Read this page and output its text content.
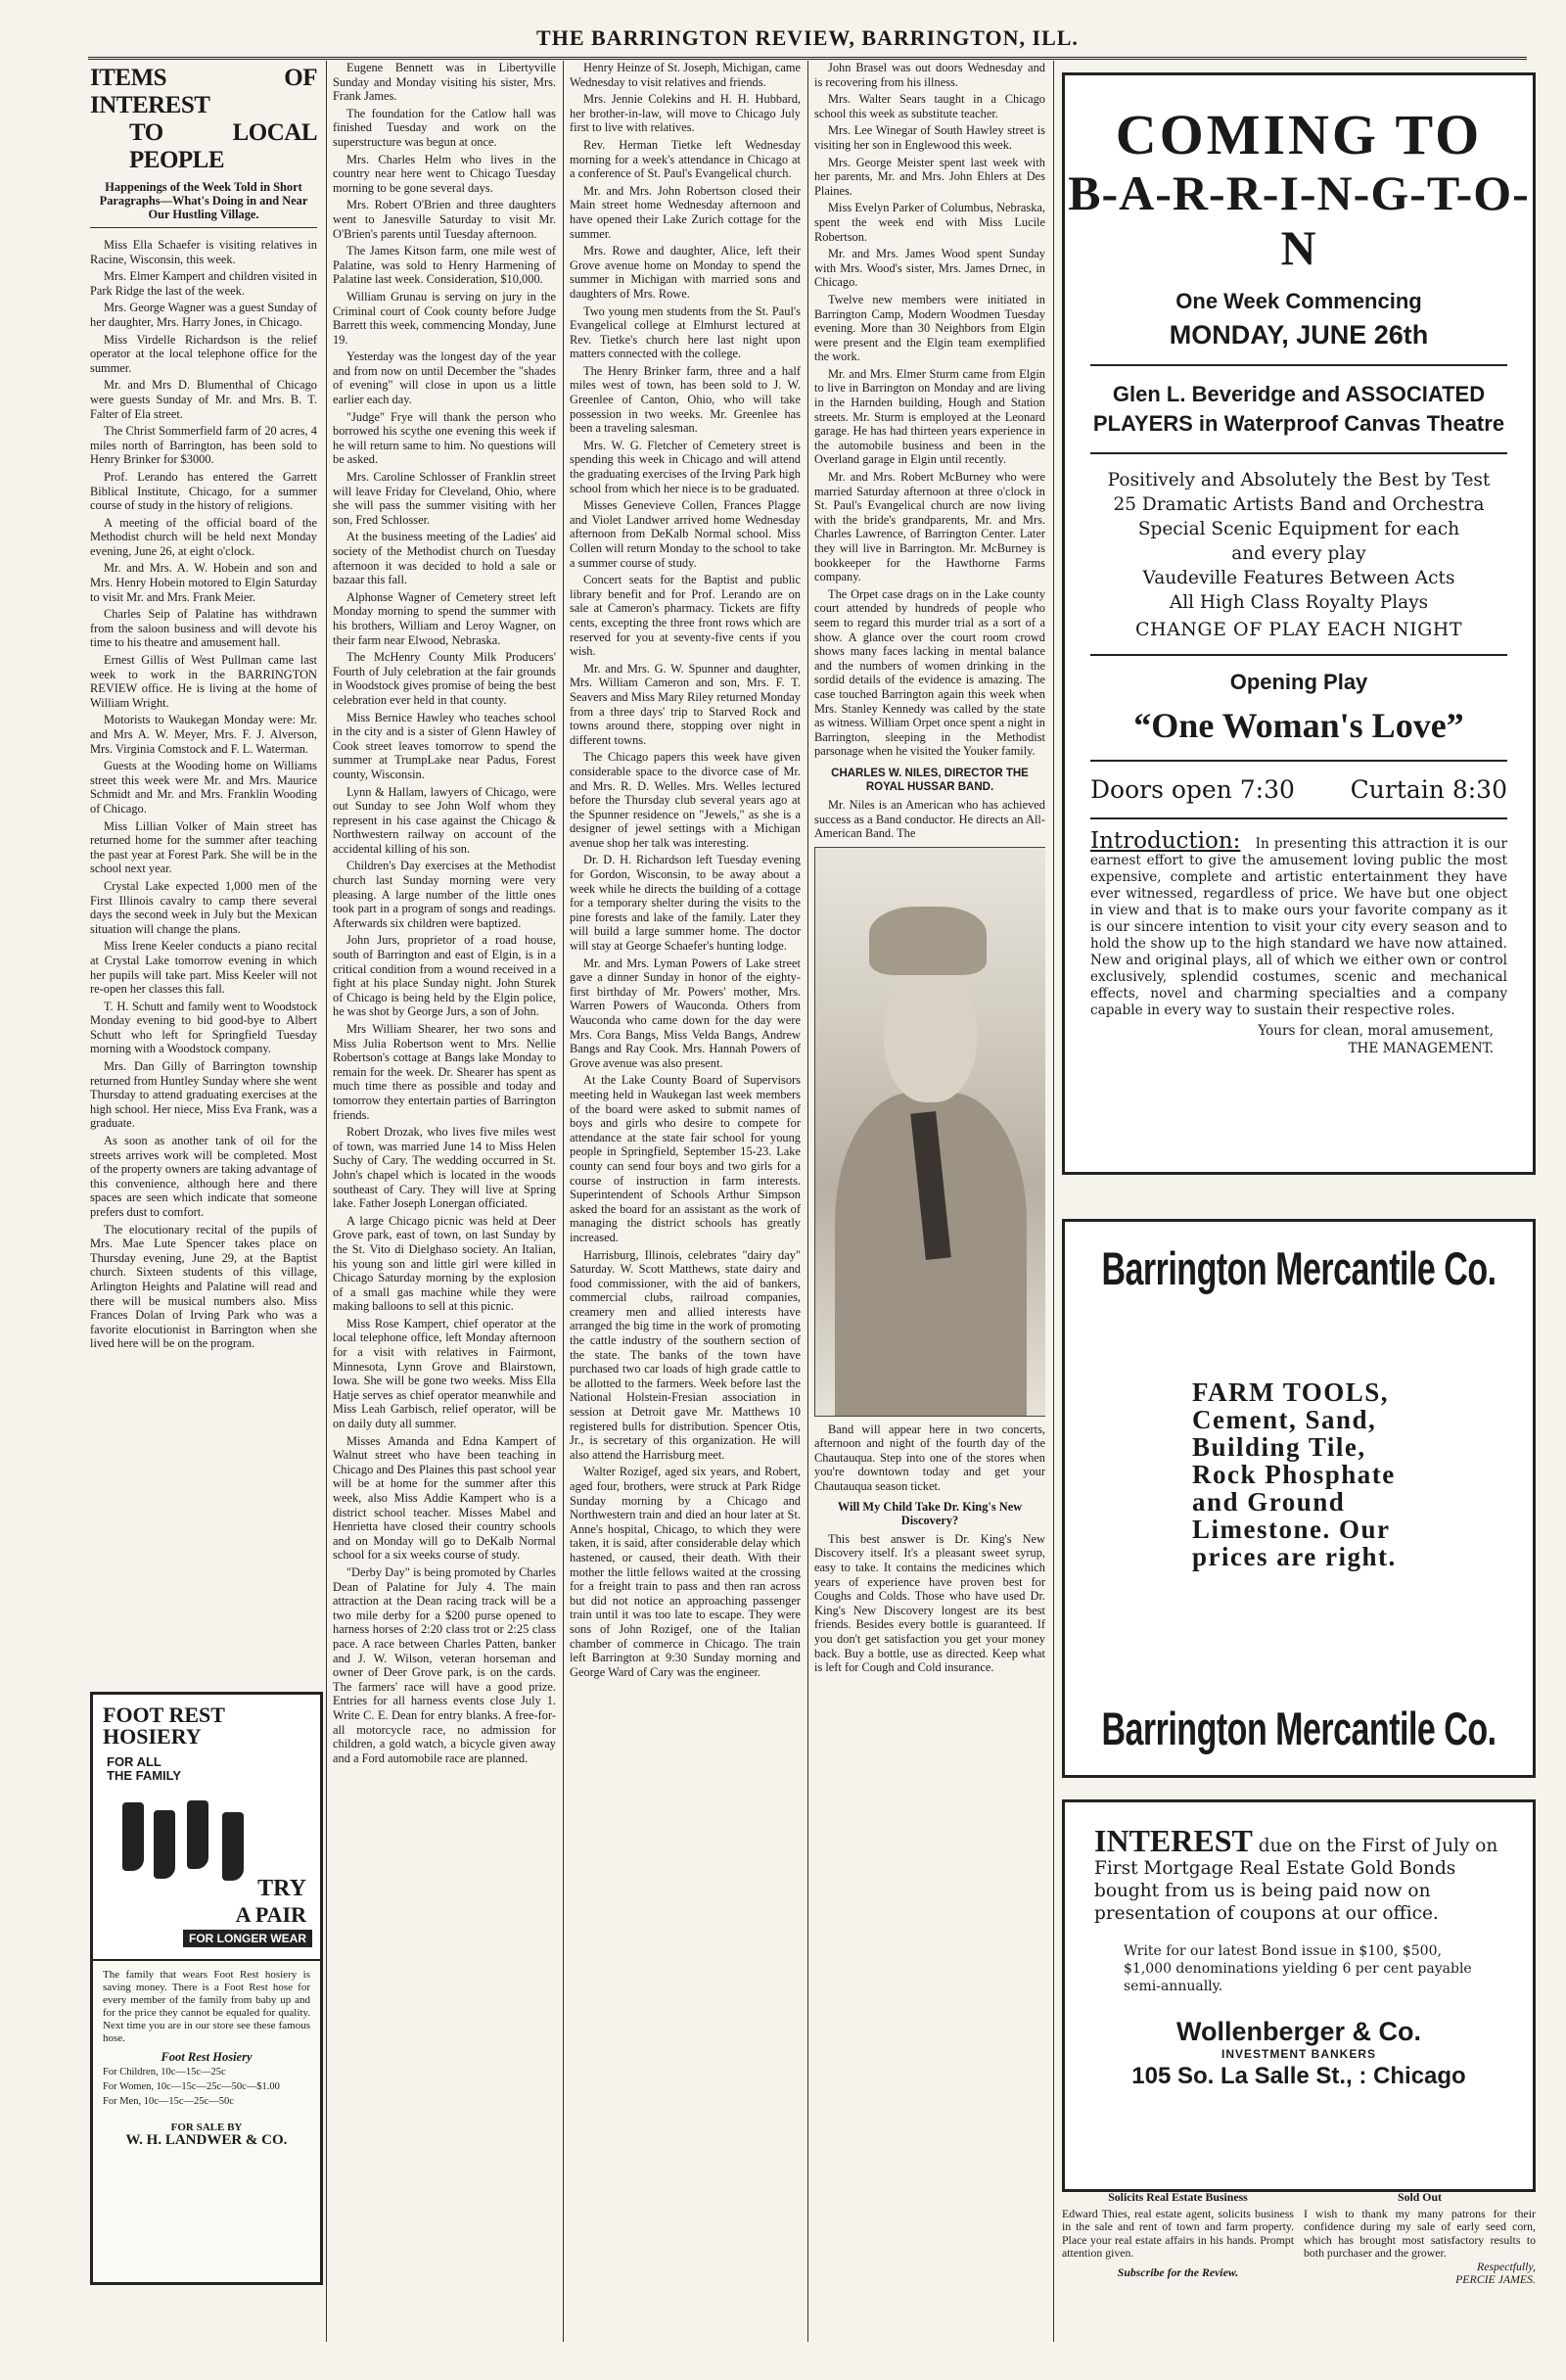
THE BARRINGTON REVIEW, BARRINGTON, ILL.
ITEMS OF INTEREST
TO LOCAL PEOPLE
Happenings of the Week Told in Short Paragraphs—What's Doing in and Near Our Hustling Village.

Miss Ella Schaefer is visiting relatives in Racine, Wisconsin, this week.

Mrs. Elmer Kampert and children visited in Park Ridge the last of the week.

Mrs. George Wagner was a guest Sunday of her daughter, Mrs. Harry Jones, in Chicago.

Miss Virdelle Richardson is the relief operator at the local telephone office for the summer.

Mr. and Mrs D. Blumenthal of Chicago were guests Sunday of Mr. and Mrs. B. T. Falter of Ela street.

The Christ Sommerfield farm of 20 acres, 4 miles north of Barrington, has been sold to Henry Brinker for $3000.

Prof. Lerando has entered the Garrett Biblical Institute, Chicago, for a summer course of study in the history of religions.

A meeting of the official board of the Methodist church will be held next Monday evening, June 26, at eight o'clock.

Mr. and Mrs. A. W. Hobein and son and Mrs. Henry Hobein motored to Elgin Saturday to visit Mr. and Mrs. Frank Meier.

Charles Seip of Palatine has withdrawn from the saloon business and will devote his time to his theatre and amusement hall.

Ernest Gillis of West Pullman came last week to work in the BARRINGTON REVIEW office. He is living at the home of William Wright.

Motorists to Waukegan Monday were: Mr. and Mrs A. W. Meyer, Mrs. F. J. Alverson, Mrs. Virginia Comstock and F. L. Waterman.

Guests at the Wooding home on Williams street this week were Mr. and Mrs. Maurice Schmidt and Mr. and Mrs. Franklin Wooding of Chicago.

Miss Lillian Volker of Main street has returned home for the summer after teaching the past year at Forest Park. She will be in the school next year.

Crystal Lake expected 1,000 men of the First Illinois cavalry to camp there several days the second week in July but the Mexican situation will change the plans.

Miss Irene Keeler conducts a piano recital at Crystal Lake tomorrow evening in which her pupils will take part. Miss Keeler will not re-open her classes this fall.

T. H. Schutt and family went to Woodstock Monday evening to bid good-bye to Albert Schutt who left for Springfield Tuesday morning with a Woodstock company.

Mrs. Dan Gilly of Barrington township returned from Huntley Sunday where she went Thursday to attend graduating exercises at the high school. Her niece, Miss Eva Frank, was a graduate.

As soon as another tank of oil for the streets arrives work will be completed. Most of the property owners are taking advantage of this convenience, although here and there spaces are seen which indicate that someone prefers dust to comfort.

The elocutionary recital of the pupils of Mrs. Mae Lute Spencer takes place on Thursday evening, June 29, at the Baptist church. Sixteen students of this village, Arlington Heights and Palatine will read and there will be musical numbers also. Miss Frances Dolan of Irving Park who was a favorite elocutionist in Barrington when she lived here will be on the program.

FOOT REST
HOSIERY
FOR ALL
THE FAMILY
TRY
A PAIR
FOR LONGER WEAR
The family that wears Foot Rest hosiery is saving money. There is a Foot Rest hose for every member of the family from baby up and for the price they cannot be equaled for quality. Next time you are in our store see these famous hose.
Foot Rest Hosiery
For Children, 10c—15c—25c
For Women, 10c—15c—25c—50c—$1.00
For Men, 10c—15c—25c—50c
FOR SALE BY
W. H. LANDWER & CO.

Eugene Bennett was in Libertyville Sunday and Monday visiting his sister, Mrs. Frank James.

The foundation for the Catlow hall was finished Tuesday and work on the superstructure was begun at once.

Mrs. Charles Helm who lives in the country near here went to Chicago Tuesday morning to be gone several days.

Mrs. Robert O'Brien and three daughters went to Janesville Saturday to visit Mr. O'Brien's parents until Tuesday afternoon.

The James Kitson farm, one mile west of Palatine, was sold to Henry Harmening of Palatine last week. Consideration, $10,000.

William Grunau is serving on jury in the Criminal court of Cook county before Judge Barrett this week, commencing Monday, June 19.

Yesterday was the longest day of the year and from now on until December the "shades of evening" will close in upon us a little earlier each day.

"Judge" Frye will thank the person who borrowed his scythe one evening this week if he will return same to him. No questions will be asked.

Mrs. Caroline Schlosser of Franklin street will leave Friday for Cleveland, Ohio, where she will pass the summer visiting with her son, Fred Schlosser.

At the business meeting of the Ladies' aid society of the Methodist church on Tuesday afternoon it was decided to hold a sale or bazaar this fall.

Alphonse Wagner of Cemetery street left Monday morning to spend the summer with his brothers, William and Leroy Wagner, on their farm near Elwood, Nebraska.

The McHenry County Milk Producers' Fourth of July celebration at the fair grounds in Woodstock gives promise of being the best celebration ever held in that county.

Miss Bernice Hawley who teaches school in the city and is a sister of Glenn Hawley of Cook street leaves tomorrow to spend the summer at TrumpLake near Padus, Forest county, Wisconsin.

Lynn & Hallam, lawyers of Chicago, were out Sunday to see John Wolf whom they represent in his case against the Chicago & Northwestern railway on account of the accidental killing of his son.

Children's Day exercises at the Methodist church last Sunday morning were very pleasing. A large number of the little ones took part in a program of songs and readings. Afterwards six children were baptized.

John Jurs, proprietor of a road house, south of Barrington and east of Elgin, is in a critical condition from a wound received in a fight at his place Sunday night. John Sturek of Chicago is being held by the Elgin police, he was shot by George Jurs, a son of John.

Mrs William Shearer, her two sons and Miss Julia Robertson went to Mrs. Nellie Robertson's cottage at Bangs lake Monday to remain for the week. Dr. Shearer has spent as much time there as possible and today and tomorrow they entertain parties of Barrington friends.

Robert Drozak, who lives five miles west of town, was married June 14 to Miss Helen Suchy of Cary. The wedding occurred in St. John's chapel which is located in the woods southeast of Cary. They will live at Spring lake. Father Joseph Lonergan officiated.

A large Chicago picnic was held at Deer Grove park, east of town, on last Sunday by the St. Vito di Dielghaso society. An Italian, his young son and little girl were killed in Chicago Saturday morning by the explosion of a small gas machine while they were making balloons to sell at this picnic.

Miss Rose Kampert, chief operator at the local telephone office, left Monday afternoon for a visit with relatives in Fairmont, Minnesota, Lynn Grove and Blairstown, Iowa. She will be gone two weeks. Miss Ella Hatje serves as chief operator meanwhile and Miss Leah Garbisch, relief operator, will be on daily duty all summer.

Misses Amanda and Edna Kampert of Walnut street who have been teaching in Chicago and Des Plaines this past school year will be at home for the summer after this week, also Miss Addie Kampert who is a district school teacher. Misses Mabel and Henrietta have closed their country schools and on Monday will go to DeKalb Normal school for a six weeks course of study.

"Derby Day" is being promoted by Charles Dean of Palatine for July 4. The main attraction at the Dean racing track will be a two mile derby for a $200 purse opened to harness horses of 2:20 class trot or 2:25 class pace. A race between Charles Patten, banker and J. W. Wilson, veteran horseman and owner of Deer Grove park, is on the cards. The farmers' race will have a good prize. Entries for all harness events close July 1. Write C. E. Dean for entry blanks. A free-for-all motorcycle race, no admission for children, a gold watch, a bicycle given away and a Ford automobile race are planned.

Henry Heinze of St. Joseph, Michigan, came Wednesday to visit relatives and friends.

Mrs. Jennie Colekins and H. H. Hubbard, her brother-in-law, will move to Chicago July first to live with relatives.

Rev. Herman Tietke left Wednesday morning for a week's attendance in Chicago at a conference of St. Paul's Evangelical church.

Mr. and Mrs. John Robertson closed their Main street home Wednesday afternoon and have opened their Lake Zurich cottage for the summer.

Mrs. Rowe and daughter, Alice, left their Grove avenue home on Monday to spend the summer in Michigan with married sons and daughters of Mrs. Rowe.

Two young men students from the St. Paul's Evangelical college at Elmhurst lectured at Rev. Tietke's church here last night upon matters connected with the college.

The Henry Brinker farm, three and a half miles west of town, has been sold to J. W. Greenlee of Canton, Ohio, who will take possession in two weeks. Mr. Greenlee has been a traveling salesman.

Mrs. W. G. Fletcher of Cemetery street is spending this week in Chicago and will attend the graduating exercises of the Irving Park high school from which her niece is to be graduated.

Misses Genevieve Collen, Frances Plagge and Violet Landwer arrived home Wednesday afternoon from DeKalb Normal school. Miss Collen will return Monday to the school to take a summer course of study.

Concert seats for the Baptist and public library benefit and for Prof. Lerando are on sale at Cameron's pharmacy. Tickets are fifty cents, excepting the three front rows which are reserved for you at seventy-five cents if you wish.

Mr. and Mrs. G. W. Spunner and daughter, Mrs. William Cameron and son, Mrs. F. T. Seavers and Miss Mary Riley returned Monday from a three days' trip to Starved Rock and towns around there, stopping over night in different towns.

The Chicago papers this week have given considerable space to the divorce case of Mr. and Mrs. R. D. Welles. Mrs. Welles lectured before the Thursday club several years ago at the Spunner residence on "Jewels," as she is a designer of jewel settings with a Michigan avenue shop her talk was interesting.

Dr. D. H. Richardson left Tuesday evening for Gordon, Wisconsin, to be away about a week while he directs the building of a cottage for a temporary shelter during the visits to the pine forests and lake of the family. Later they will build a large summer home. The doctor will stay at George Schaefer's hunting lodge.

Mr. and Mrs. Lyman Powers of Lake street gave a dinner Sunday in honor of the eighty-first birthday of Mr. Powers' mother, Mrs. Warren Powers of Wauconda. Others from Wauconda who came down for the day were Mrs. Cora Bangs, Miss Velda Bangs, Andrew Bangs and Ray Cook. Mrs. Hannah Powers of Grove avenue was also present.

At the Lake County Board of Supervisors meeting held in Waukegan last week members of the board were asked to submit names of boys and girls who desire to compete for attendance at the state fair school for young people in Springfield, September 15-23. Lake county can send four boys and two girls for a course of instruction in farm interests. Superintendent of Schools Arthur Simpson asked the board for an assistant as the work of managing the district schools has greatly increased.

Harrisburg, Illinois, celebrates "dairy day" Saturday. W. Scott Matthews, state dairy and food commissioner, with the aid of bankers, commercial clubs, railroad companies, creamery men and allied interests have arranged the big time in the work of promoting the cattle industry of the southern section of the state. The banks of the town have purchased two car loads of high grade cattle to be allotted to the farmers. Week before last the National Holstein-Fresian association in session at Detroit gave Mr. Matthews 10 registered bulls for distribution. Spencer Otis, Jr., is secretary of this organization. He will also attend the Harrisburg meet.

Walter Rozigef, aged six years, and Robert, aged four, brothers, were struck at Park Ridge Sunday morning by a Chicago and Northwestern train and died an hour later at St. Anne's hospital, Chicago, to which they were taken, it is said, after considerable delay which hastened, or caused, their death. With their mother the little fellows waited at the crossing for a freight train to pass and then ran across but did not notice an approaching passenger train until it was too late to escape. They were sons of John Rozigef, one of the Italian chamber of commerce in Chicago. The train left Barrington at 9:30 Sunday morning and George Ward of Cary was the engineer.

John Brasel was out doors Wednesday and is recovering from his illness.

Mrs. Walter Sears taught in a Chicago school this week as substitute teacher.

Mrs. Lee Winegar of South Hawley street is visiting her son in Englewood this week.

Mrs. George Meister spent last week with her parents, Mr. and Mrs. John Ehlers at Des Plaines.

Miss Evelyn Parker of Columbus, Nebraska, spent the week end with Miss Lucile Robertson.

Mr. and Mrs. James Wood spent Sunday with Mrs. Wood's sister, Mrs. James Drnec, in Chicago.

Twelve new members were initiated in Barrington Camp, Modern Woodmen Tuesday evening. More than 30 Neighbors from Elgin were present and the Elgin team exemplified the work.

Mr. and Mrs. Elmer Sturm came from Elgin to live in Barrington on Monday and are living in the Harnden building, Hough and Station streets. Mr. Sturm is employed at the Leonard garage. He has had thirteen years experience in the automobile business and been in the Overland garage in Elgin until recently.

Mr. and Mrs. Robert McBurney who were married Saturday afternoon at three o'clock in St. Paul's Evangelical church are now living with the bride's grandparents, Mr. and Mrs. Charles Lawrence, of Barrington Center. Later they will live in Barrington. Mr. McBurney is bookkeeper for the Hawthorne Farms company.

The Orpet case drags on in the Lake county court attended by hundreds of people who seem to regard this murder trial as a sort of a show. A glance over the court room crowd shows many faces lacking in mental balance and the numbers of women drinking in the sordid details of the evidence is amazing. The case touched Barrington again this week when Mrs. Stanley Kennedy was called by the state as witness. William Orpet once spent a night in Barrington, sleeping in the Methodist parsonage when he visited the Youker family.

CHARLES W. NILES, DIRECTOR THE ROYAL HUSSAR BAND.

Mr. Niles is an American who has achieved success as a Band conductor. He directs an All-American Band. The

Band will appear here in two concerts, afternoon and night of the fourth day of the Chautauqua. Step into one of the stores when you're downtown today and get your Chautauqua season ticket.

Will My Child Take Dr. King's New Discovery?

This best answer is Dr. King's New Discovery itself. It's a pleasant sweet syrup, easy to take. It contains the medicines which years of experience have proven best for Coughs and Colds. Those who have used Dr. King's New Discovery longest are its best friends. Besides every bottle is guaranteed. If you don't get satisfaction you get your money back. Buy a bottle, use as directed. Keep what is left for Cough and Cold insurance.

COMING TO
B-A-R-R-I-N-G-T-O-N
One Week Commencing
MONDAY, JUNE 26th
Glen L. Beveridge and ASSOCIATED PLAYERS in Waterproof Canvas Theatre
Positively and Absolutely the Best by Test
25 Dramatic Artists Band and Orchestra
Special Scenic Equipment for each
and every play
Vaudeville Features Between Acts
All High Class Royalty Plays
CHANGE OF PLAY EACH NIGHT
Opening Play
“One Woman's Love”
Doors open 7:30 Curtain 8:30
Introduction: In presenting this attraction it is our earnest effort to give the amusement loving public the most expensive, complete and artistic entertainment they have ever witnessed, regardless of price. We have but one object in view and that is to make ours your favorite company as it is our sincere intention to visit your city every season and to hold the show up to the high standard we have now attained. New and original plays, all of which we either own or control exclusively, splendid costumes, scenic and mechanical effects, novel and charming specialties and a company capable in every way to sustain their respective roles.
Yours for clean, moral amusement,
THE MANAGEMENT.
Barrington Mercantile Co.
FARM TOOLS,
Cement, Sand,
Building Tile,
Rock Phosphate
and Ground
Limestone. Our
prices are right.
Barrington Mercantile Co.
INTEREST due on the First of July on First Mortgage Real Estate Gold Bonds bought from us is being paid now on presentation of coupons at our office.
Write for our latest Bond issue in $100, $500, $1,000 denominations yielding 6 per cent payable semi-annually.
Wollenberger & Co.
INVESTMENT BANKERS
105 So. La Salle St., : Chicago
Solicits Real Estate Business
Edward Thies, real estate agent, solicits business in the sale and rent of town and farm property. Place your real estate affairs in his hands. Prompt attention given.
Subscribe for the Review.
Sold Out
I wish to thank my many patrons for their confidence during my sale of early seed corn, which has brought most satisfactory results to both purchaser and the grower.
Respectfully,
PERCIE JAMES.
